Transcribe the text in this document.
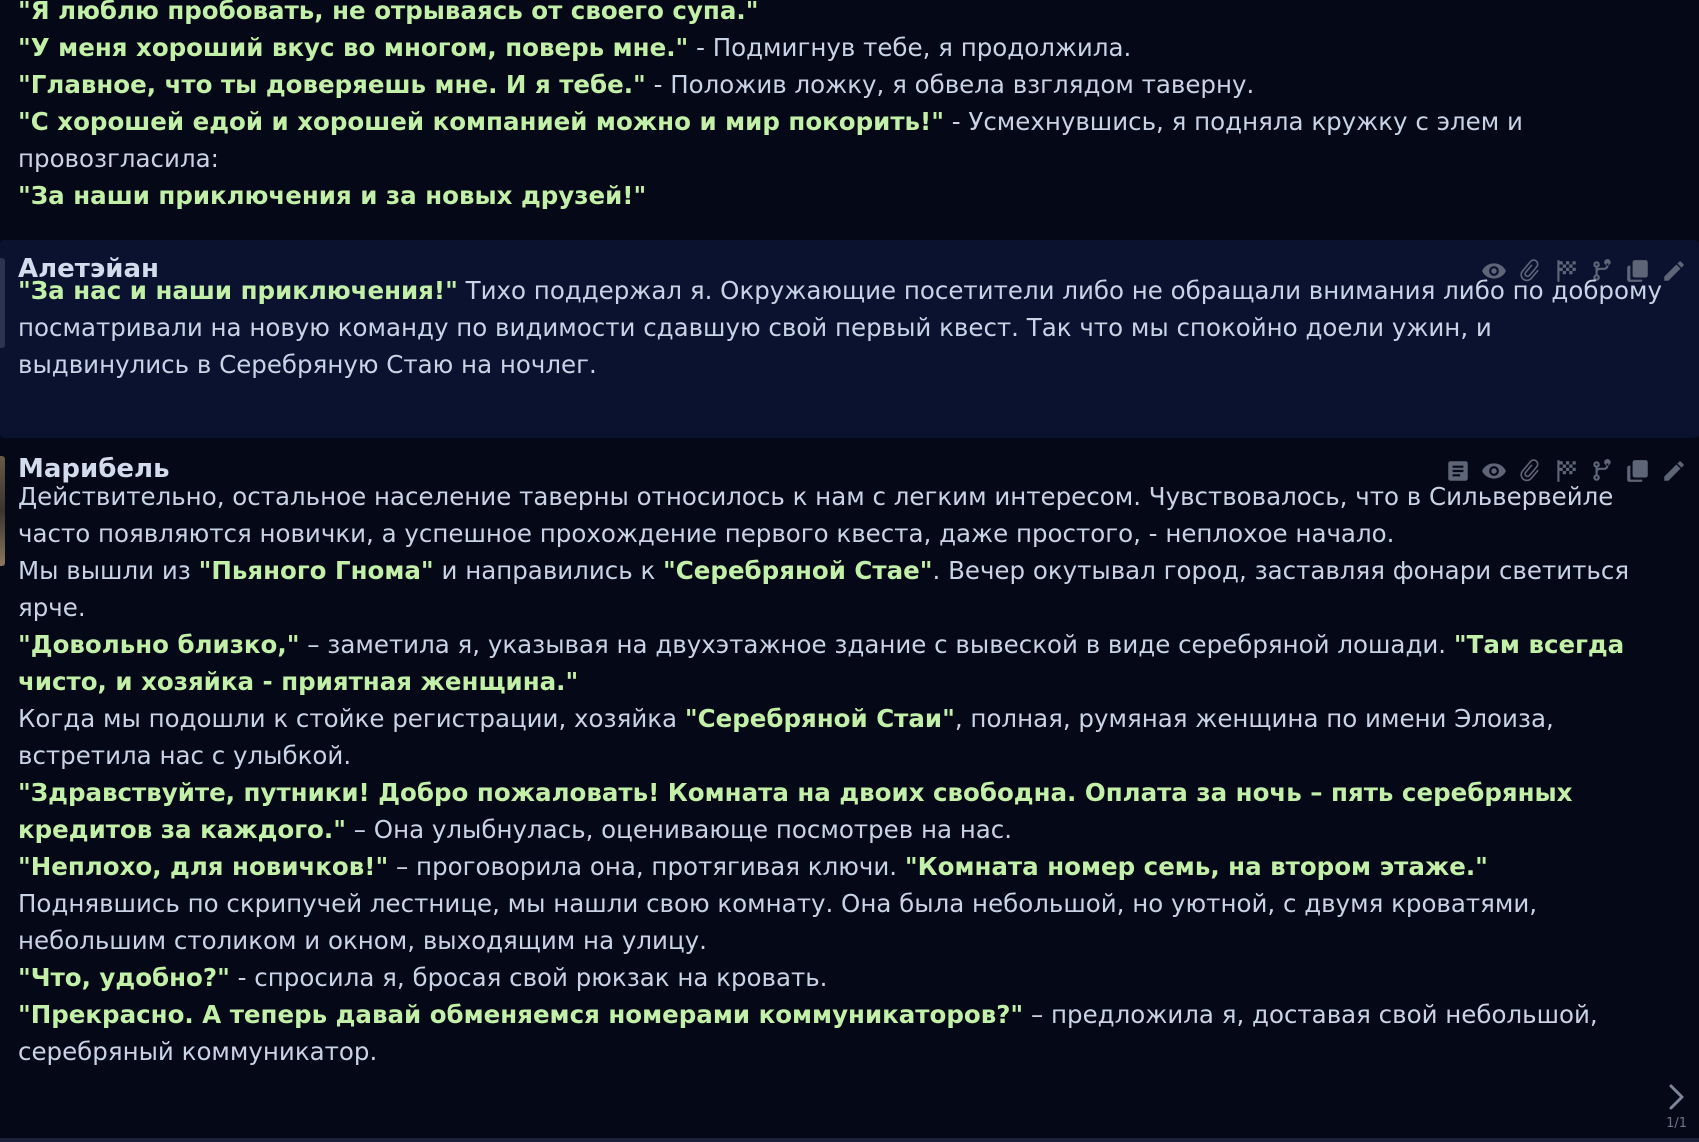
"Я люблю пробовать, не отрываясь от своего супа."

"У меня хороший вкус во многом, поверь мне." - Подмигнув тебе, я продолжила.

"Главное, что ты доверяешь мне. И я тебе." - Положив ложку, я обвела взглядом таверну.

"С хорошей едой и хорошей компанией можно и мир покорить!" - Усмехнувшись, я подняла кружку с элем и провозгласила:

"За наши приключения и за новых друзей!"

Алетэйан

"За нас и наши приключения!" Тихо поддержал я. Окружающие посетители либо не обращали внимания либо по доброму посматривали на новую команду по видимости сдавшую свой первый квест. Так что мы спокойно доели ужин, и выдвинулись в Серебряную Стаю на ночлег.

Марибель

Действительно, остальное население таверны относилось к нам с легким интересом. Чувствовалось, что в Сильвервейле часто появляются новички, а успешное прохождение первого квеста, даже простого, - неплохое начало.

Мы вышли из "Пьяного Гнома" и направились к "Серебряной Стае". Вечер окутывал город, заставляя фонари светиться ярче.

"Довольно близко," – заметила я, указывая на двухэтажное здание с вывеской в виде серебряной лошади. "Там всегда чисто, и хозяйка - приятная женщина."

Когда мы подошли к стойке регистрации, хозяйка "Серебряной Стаи", полная, румяная женщина по имени Элоиза, встретила нас с улыбкой.

"Здравствуйте, путники! Добро пожаловать! Комната на двоих свободна. Оплата за ночь – пять серебряных кредитов за каждого." – Она улыбнулась, оценивающе посмотрев на нас.

"Неплохо, для новичков!" – проговорила она, протягивая ключи. "Комната номер семь, на втором этаже."

Поднявшись по скрипучей лестнице, мы нашли свою комнату. Она была небольшой, но уютной, с двумя кроватями, небольшим столиком и окном, выходящим на улицу.

"Что, удобно?" - спросила я, бросая свой рюкзак на кровать.

"Прекрасно. А теперь давай обменяемся номерами коммуникаторов?" – предложила я, доставая свой небольшой, серебряный коммуникатор.

1/1
